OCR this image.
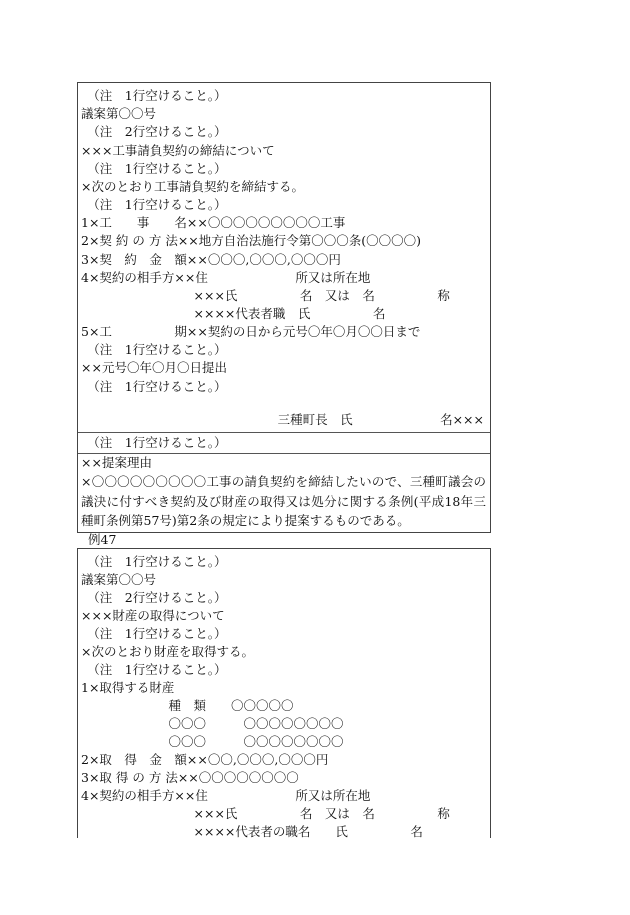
　（注　1行空けること。）
議案第〇〇号
　（注　2行空けること。）
×××工事請負契約の締結について
　（注　1行空けること。）
×次のとおり工事請負契約を締結する。
　（注　1行空けること。）
1×工　　事　　名××〇〇〇〇〇〇〇〇〇工事
2×契 約 の 方 法××地方自治法施行令第〇〇〇条(〇〇〇〇)
3×契　約　金　額××〇〇〇,〇〇〇,〇〇〇円
4×契約の相手方××住　　　　　　　所又は所在地
　　　　　　　　　×××氏　　　　　名　又は　名　　　　　称
　　　　　　　　　××××代表者職　氏　　　　　名
5×工　　　　　期××契約の日から元号〇年〇月〇〇日まで
　（注　1行空けること。）
××元号〇年〇月〇日提出
　（注　1行空けること。）
三種町長　氏　　　　　　　名×××
　（注　1行空けること。）
××提案理由
×〇〇〇〇〇〇〇〇〇工事の請負契約を締結したいので、三種町議会の議決に付すべき契約及び財産の取得又は処分に関する条例(平成18年三種町条例第57号)第2条の規定により提案するものである。
例47
　（注　1行空けること。）
議案第〇〇号
　（注　2行空けること。）
×××財産の取得について
　（注　1行空けること。）
×次のとおり財産を取得する。
　（注　1行空けること。）
1×取得する財産
　　　　　　　種　類　　〇〇〇〇〇
　　　　　　　〇〇〇　　　〇〇〇〇〇〇〇〇
　　　　　　　〇〇〇　　　〇〇〇〇〇〇〇〇
2×取　得　金　額××〇〇,〇〇〇,〇〇〇円
3×取 得 の 方 法××〇〇〇〇〇〇〇〇
4×契約の相手方××住　　　　　　　所又は所在地
　　　　　　　　　×××氏　　　　　名　又は　名　　　　　称
　　　　　　　　　××××代表者の職名　　氏　　　　　名
